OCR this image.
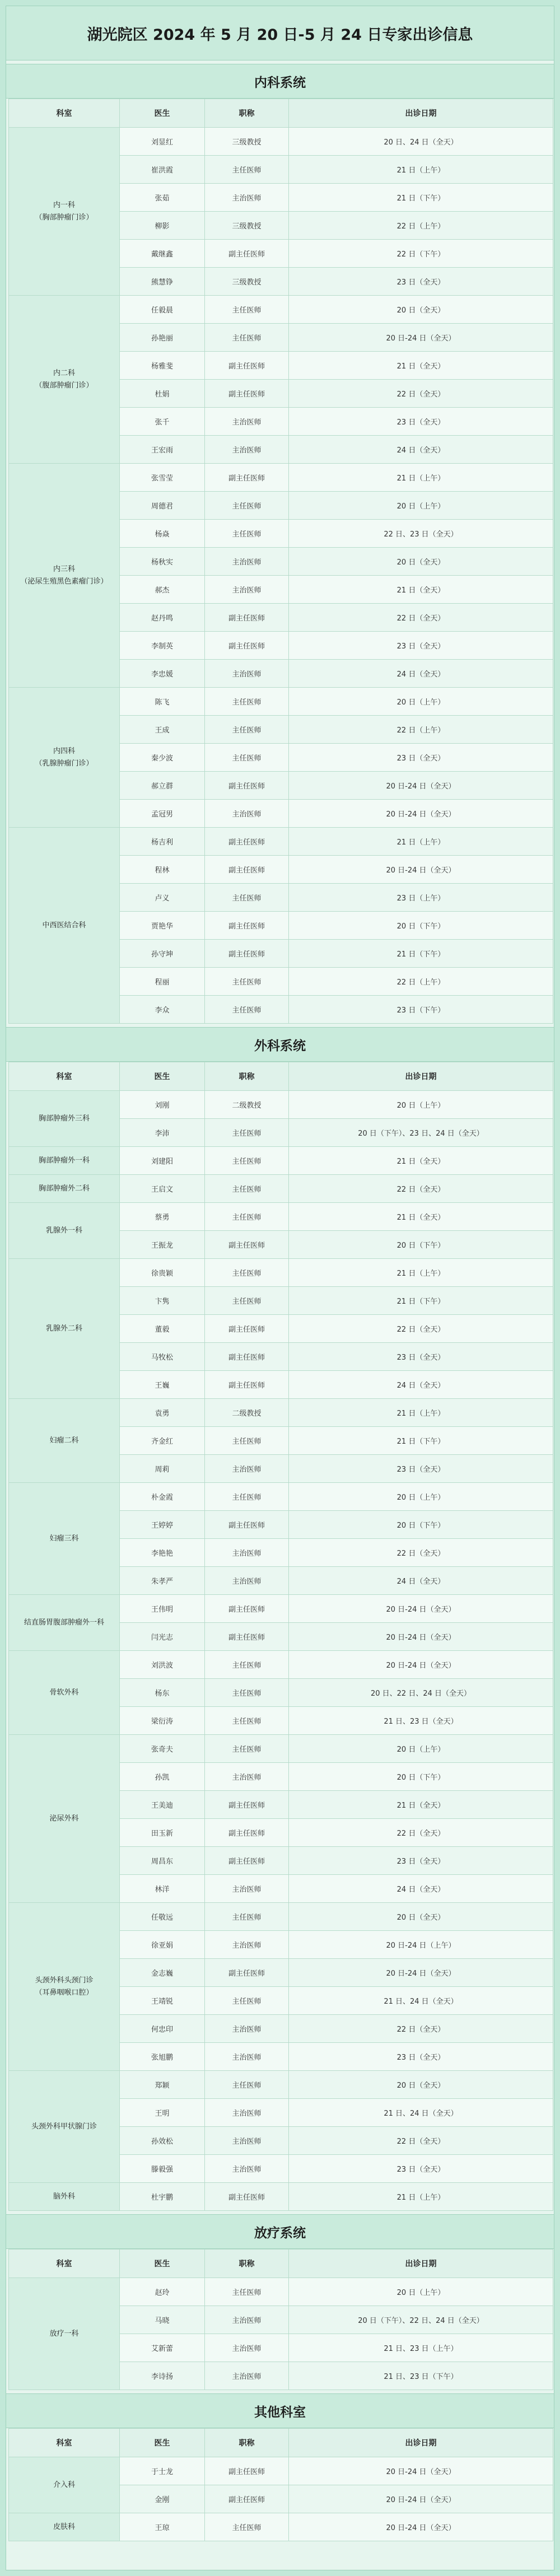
湖光院区 2024 年 5 月 20 日-5 月 24 日专家出诊信息
内科系统
科室	医生	职称	出诊日期
内一科
（胸部肿瘤门诊）	刘显红	三级教授	20 日、24 日（全天）
	崔洪霞	主任医师	21 日（上午）
	张茹	主治医师	21 日（下午）
	柳影	三级教授	22 日（上午）
	戴继鑫	副主任医师	22 日（下午）
	熊慧铮	三级教授	23 日（全天）
内二科
（腹部肿瘤门诊）	任毅晨	主任医师	20 日（全天）
	孙艳丽	主任医师	20 日-24 日（全天）
	杨雅斐	副主任医师	21 日（全天）
	杜娟	副主任医师	22 日（全天）
	张千	主治医师	23 日（全天）
	王宏雨	主治医师	24 日（全天）
内三科
（泌尿生殖黑色素瘤门诊）	张雪莹	副主任医师	21 日（上午）
	周德君	主任医师	20 日（上午）
	杨焱	主任医师	22 日、23 日（全天）
	杨秋实	主治医师	20 日（全天）
	郝杰	主治医师	21 日（全天）
	赵丹鸣	副主任医师	22 日（全天）
	李制英	副主任医师	23 日（全天）
	李忠媛	主治医师	24 日（全天）
内四科
（乳腺肿瘤门诊）	陈飞	主任医师	20 日（上午）
	王成	主任医师	22 日（上午）
	秦少波	主任医师	23 日（全天）
	郝立群	副主任医师	20 日-24 日（全天）
	孟冠男	主治医师	20 日-24 日（全天）
中西医结合科	杨吉利	副主任医师	21 日（上午）
	程林	副主任医师	20 日-24 日（全天）
	卢义	主任医师	23 日（上午）
	贾艳华	副主任医师	20 日（下午）
	孙守坤	副主任医师	21 日（下午）
	程丽	主任医师	22 日（上午）
	李众	主任医师	23 日（下午）
外科系统
科室	医生	职称	出诊日期
胸部肿瘤外三科	刘刚	二级教授	20 日（上午）
	李沛	主任医师	20 日（下午）、23 日、24 日（全天）
胸部肿瘤外一科	刘建阳	主任医师	21 日（全天）
胸部肿瘤外二科	王启文	主任医师	22 日（全天）
乳腺外一科	蔡勇	主任医师	21 日（全天）
	王振龙	副主任医师	20 日（下午）
乳腺外二科	徐贵颖	主任医师	21 日（上午）
	卞隽	主任医师	21 日（下午）
	董毅	副主任医师	22 日（全天）
	马牧松	副主任医师	23 日（全天）
	王巍	副主任医师	24 日（全天）
妇瘤二科	袁勇	二级教授	21 日（上午）
	齐金红	主任医师	21 日（下午）
	周莉	主治医师	23 日（全天）
妇瘤三科	朴金霞	主任医师	20 日（上午）
	王婷婷	副主任医师	20 日（下午）
	李艳艳	主治医师	22 日（全天）
	朱孝严	主治医师	24 日（全天）
结直肠胃腹部肿瘤外一科	王伟明	副主任医师	20 日-24 日（全天）
	闫光志	副主任医师	20 日-24 日（全天）
骨软外科	刘洪波	主任医师	20 日-24 日（全天）
	杨东	主任医师	20 日、22 日、24 日（全天）
	梁衍涛	主任医师	21 日、23 日（全天）
泌尿外科	张奇夫	主任医师	20 日（上午）
	孙凯	主治医师	20 日（下午）
	王美迪	副主任医师	21 日（全天）
	田玉新	副主任医师	22 日（全天）
	周昌东	副主任医师	23 日（全天）
	林洋	主治医师	24 日（全天）
头颈外科头颈门诊
（耳鼻咽喉口腔）	任敬远	主任医师	20 日（全天）
	徐亚娟	主治医师	20 日-24 日（上午）
	金志巍	副主任医师	20 日-24 日（全天）
	王靖锐	主任医师	21 日、24 日（全天）
	何忠印	主治医师	22 日（全天）
	张旭鹏	主治医师	23 日（全天）
头颈外科甲状腺门诊	郑颖	主任医师	20 日（全天）
	王明	主治医师	21 日、24 日（全天）
	孙效松	主治医师	22 日（全天）
	滕毅强	主治医师	23 日（全天）
脑外科	杜宇鹏	副主任医师	21 日（上午）
放疗系统
科室	医生	职称	出诊日期
放疗一科	赵玲	主任医师	20 日（上午）
	马晓	主治医师	20 日（下午）、22 日、24 日（全天）
	艾新蕾	主治医师	21 日、23 日（上午）
	李诗扬	主治医师	21 日、23 日（下午）
其他科室
科室	医生	职称	出诊日期
介入科	于士龙	副主任医师	20 日-24 日（全天）
	金刚	副主任医师	20 日-24 日（全天）
皮肤科	王琼	主任医师	20 日-24 日（全天）
